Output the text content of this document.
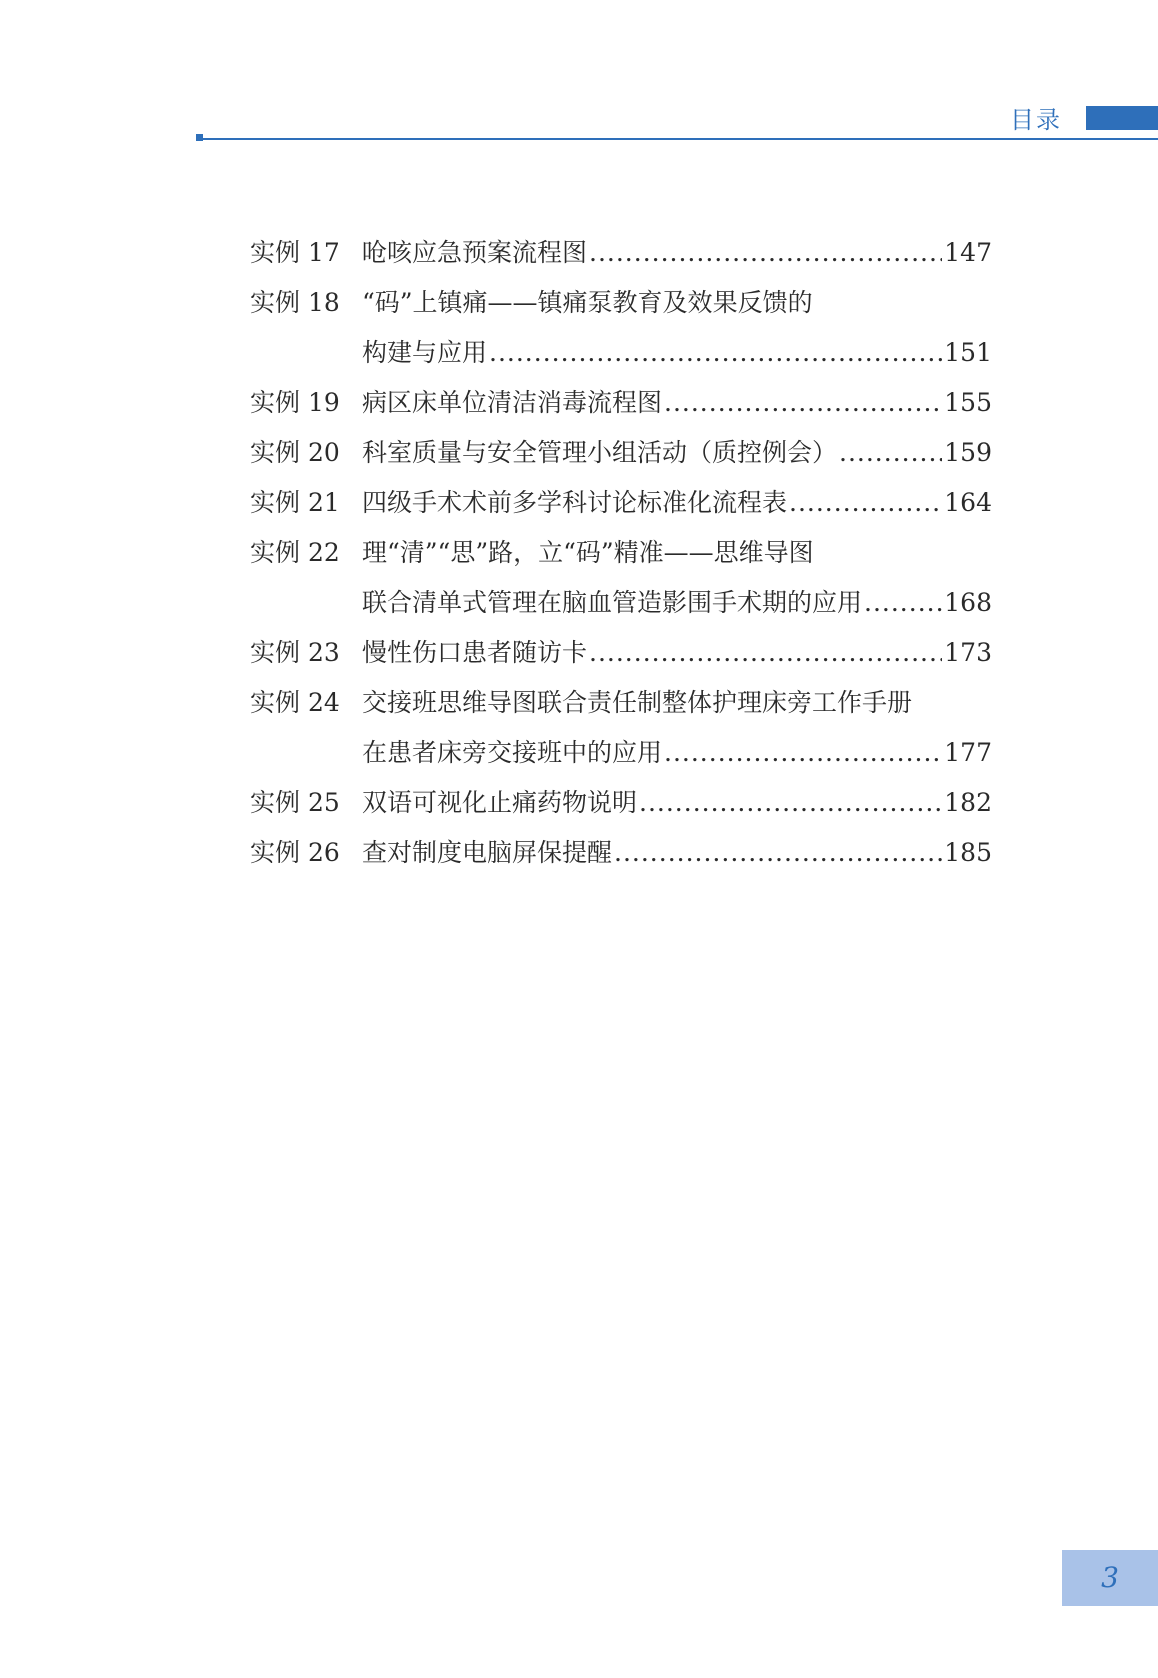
目录
实例 17 呛咳应急预案流程图 .....	147
实例 18 “码”上镇痛——镇痛泵教育及效果反馈的
构建与应用 .....	151
实例 19 病区床单位清洁消毒流程图 .....	155
实例 20 科室质量与安全管理小组活动（质控例会） .....	159
实例 21 四级手术术前多学科讨论标准化流程表 .....	164
实例 22 理“清”“思”路，立“码”精准——思维导图
联合清单式管理在脑血管造影围手术期的应用 .....	168
实例 23 慢性伤口患者随访卡 .....	173
实例 24 交接班思维导图联合责任制整体护理床旁工作手册
在患者床旁交接班中的应用 .....	177
实例 25 双语可视化止痛药物说明 .....	182
实例 26 查对制度电脑屏保提醒 .....	185
3
